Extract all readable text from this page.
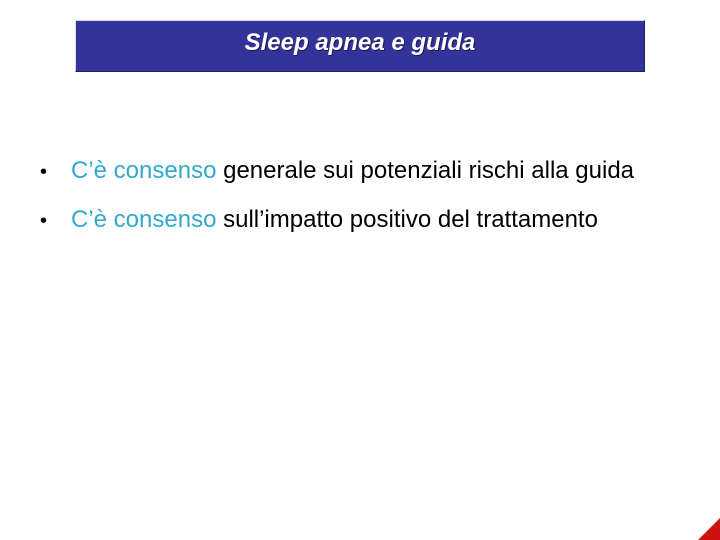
Sleep apnea e guida
• C’è consenso generale sui potenziali rischi alla guida
• C’è consenso sull’impatto positivo del trattamento
